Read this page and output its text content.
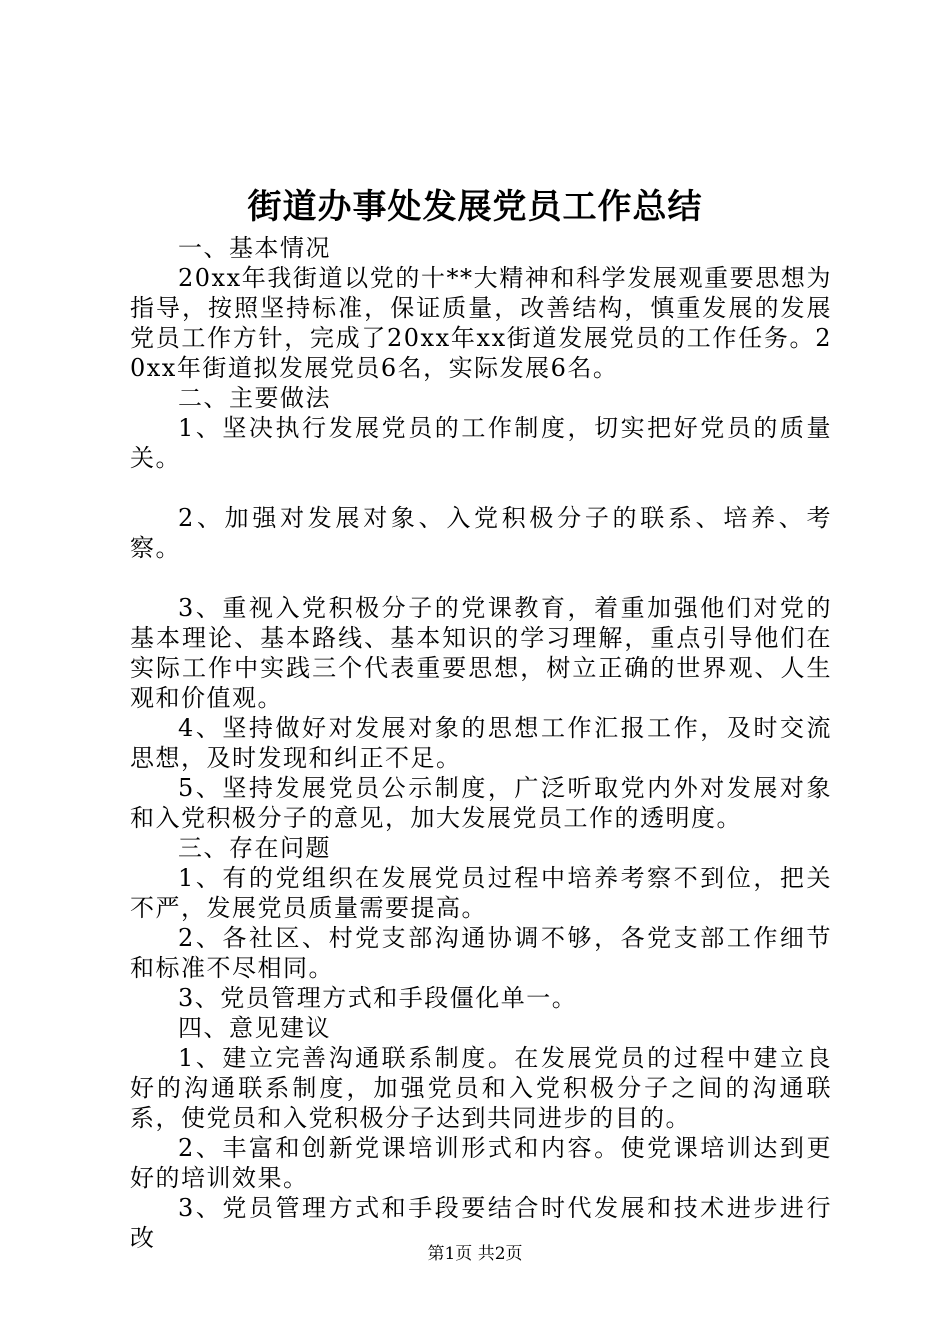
街道办事处发展党员工作总结

一、基本情况

20xx年我街道以党的十**大精神和科学发展观重要思想为指导，按照坚持标准，保证质量，改善结构，慎重发展的发展党员工作方针，完成了20xx年xx街道发展党员的工作任务。20xx年街道拟发展党员6名，实际发展6名。

二、主要做法

1、坚决执行发展党员的工作制度，切实把好党员的质量关。

2、加强对发展对象、入党积极分子的联系、培养、考察。

3、重视入党积极分子的党课教育，着重加强他们对党的基本理论、基本路线、基本知识的学习理解，重点引导他们在实际工作中实践三个代表重要思想，树立正确的世界观、人生观和价值观。

4、坚持做好对发展对象的思想工作汇报工作，及时交流思想，及时发现和纠正不足。

5、坚持发展党员公示制度，广泛听取党内外对发展对象和入党积极分子的意见，加大发展党员工作的透明度。

三、存在问题

1、有的党组织在发展党员过程中培养考察不到位，把关不严，发展党员质量需要提高。

2、各社区、村党支部沟通协调不够，各党支部工作细节和标准不尽相同。

3、党员管理方式和手段僵化单一。

四、意见建议

1、建立完善沟通联系制度。在发展党员的过程中建立良好的沟通联系制度，加强党员和入党积极分子之间的沟通联系，使党员和入党积极分子达到共同进步的目的。

2、丰富和创新党课培训形式和内容。使党课培训达到更好的培训效果。

3、党员管理方式和手段要结合时代发展和技术进步进行改

第1页 共2页
